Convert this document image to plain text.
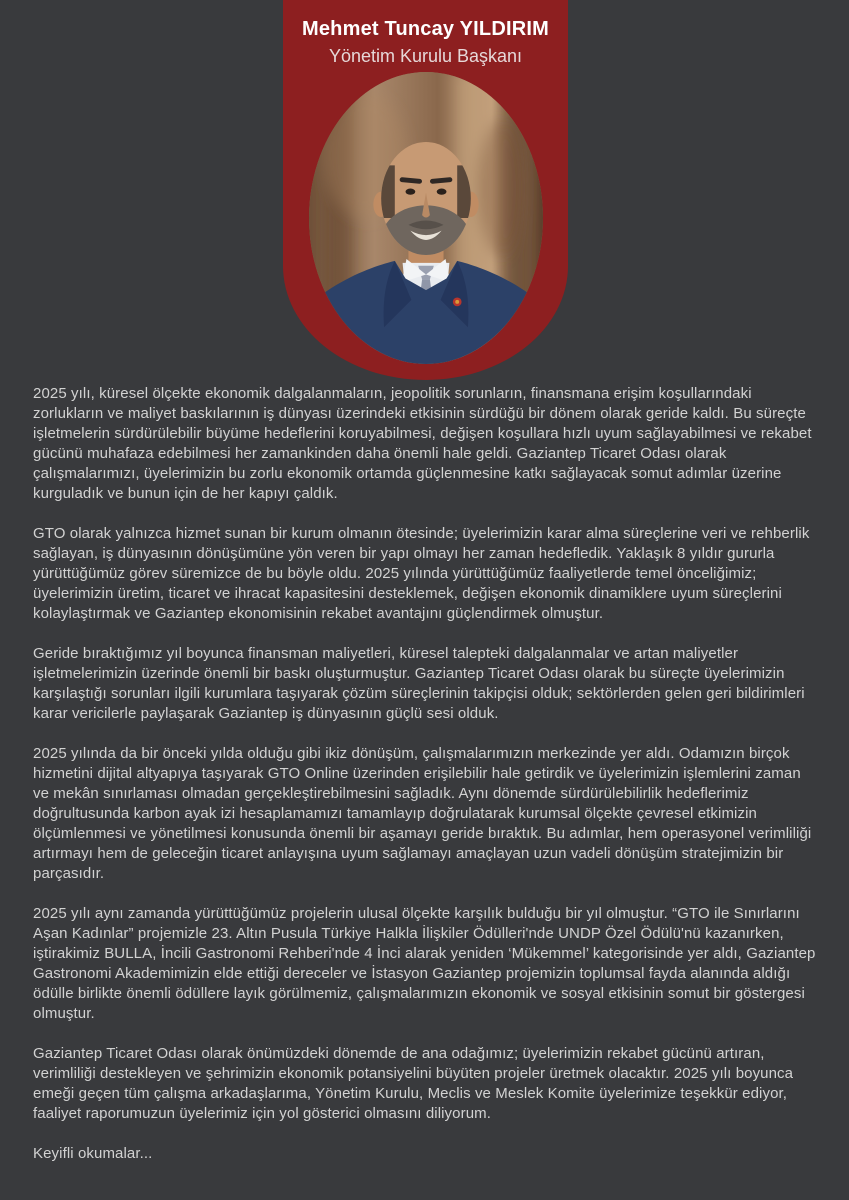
Mehmet Tuncay YILDIRIM
Yönetim Kurulu Başkanı

2025 yılı, küresel ölçekte ekonomik dalgalanmaların, jeopolitik sorunların, finansmana erişim koşullarındaki zorlukların ve maliyet baskılarının iş dünyası üzerindeki etkisinin sürdüğü bir dönem olarak geride kaldı. Bu süreçte işletmelerin sürdürülebilir büyüme hedeflerini koruyabilmesi, değişen koşullara hızlı uyum sağlayabilmesi ve rekabet gücünü muhafaza edebilmesi her zamankinden daha önemli hale geldi. Gaziantep Ticaret Odası olarak çalışmalarımızı, üyelerimizin bu zorlu ekonomik ortamda güçlenmesine katkı sağlayacak somut adımlar üzerine kurguladık ve bunun için de her kapıyı çaldık.

GTO olarak yalnızca hizmet sunan bir kurum olmanın ötesinde; üyelerimizin karar alma süreçlerine veri ve rehberlik sağlayan, iş dünyasının dönüşümüne yön veren bir yapı olmayı her zaman hedefledik. Yaklaşık 8 yıldır gururla yürüttüğümüz görev süremizce de bu böyle oldu. 2025 yılında yürüttüğümüz faaliyetlerde temel önceliğimiz; üyelerimizin üretim, ticaret ve ihracat kapasitesini desteklemek, değişen ekonomik dinamiklere uyum süreçlerini kolaylaştırmak ve Gaziantep ekonomisinin rekabet avantajını güçlendirmek olmuştur.

Geride bıraktığımız yıl boyunca finansman maliyetleri, küresel talepteki dalgalanmalar ve artan maliyetler işletmelerimizin üzerinde önemli bir baskı oluşturmuştur. Gaziantep Ticaret Odası olarak bu süreçte üyelerimizin karşılaştığı sorunları ilgili kurumlara taşıyarak çözüm süreçlerinin takipçisi olduk; sektörlerden gelen geri bildirimleri karar vericilerle paylaşarak Gaziantep iş dünyasının güçlü sesi olduk.

2025 yılında da bir önceki yılda olduğu gibi ikiz dönüşüm, çalışmalarımızın merkezinde yer aldı. Odamızın birçok hizmetini dijital altyapıya taşıyarak GTO Online üzerinden erişilebilir hale getirdik ve üyelerimizin işlemlerini zaman ve mekân sınırlaması olmadan gerçekleştirebilmesini sağladık. Aynı dönemde sürdürülebilirlik hedeflerimiz doğrultusunda karbon ayak izi hesaplamamızı tamamlayıp doğrulatarak kurumsal ölçekte çevresel etkimizin ölçümlenmesi ve yönetilmesi konusunda önemli bir aşamayı geride bıraktık. Bu adımlar, hem operasyonel verimliliği artırmayı hem de geleceğin ticaret anlayışına uyum sağlamayı amaçlayan uzun vadeli dönüşüm stratejimizin bir parçasıdır.

2025 yılı aynı zamanda yürüttüğümüz projelerin ulusal ölçekte karşılık bulduğu bir yıl olmuştur. “GTO ile Sınırlarını Aşan Kadınlar” projemizle 23. Altın Pusula Türkiye Halkla İlişkiler Ödülleri'nde UNDP Özel Ödülü'nü kazanırken, iştirakimiz BULLA, İncili Gastronomi Rehberi'nde 4 İnci alarak yeniden ‘Mükemmel’ kategorisinde yer aldı, Gaziantep Gastronomi Akademimizin elde ettiği dereceler ve İstasyon Gaziantep projemizin toplumsal fayda alanında aldığı ödülle birlikte önemli ödüllere layık görülmemiz, çalışmalarımızın ekonomik ve sosyal etkisinin somut bir göstergesi olmuştur.

Gaziantep Ticaret Odası olarak önümüzdeki dönemde de ana odağımız; üyelerimizin rekabet gücünü artıran, verimliliği destekleyen ve şehrimizin ekonomik potansiyelini büyüten projeler üretmek olacaktır. 2025 yılı boyunca emeği geçen tüm çalışma arkadaşlarıma, Yönetim Kurulu, Meclis ve Meslek Komite üyelerimize teşekkür ediyor, faaliyet raporumuzun üyelerimiz için yol gösterici olmasını diliyorum.

Keyifli okumalar...
